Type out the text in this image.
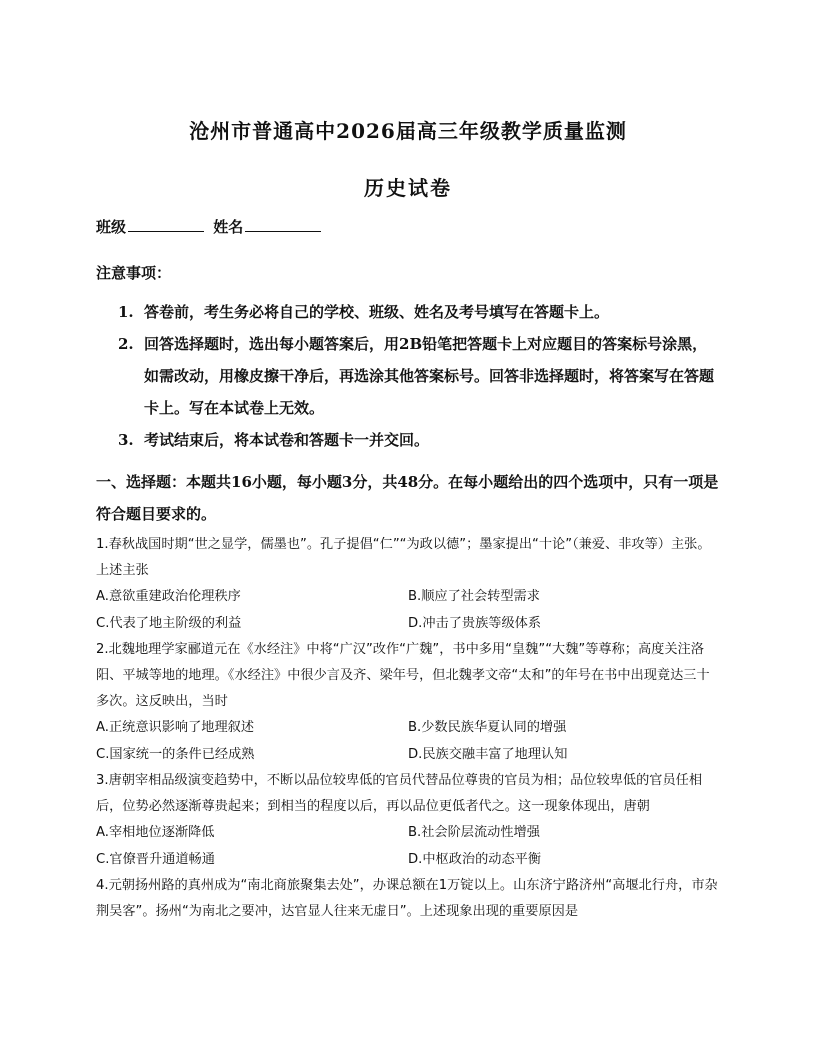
沧州市普通高中2026届高三年级教学质量监测
历史试卷
班级	姓名
注意事项：
1. 答卷前，考生务必将自己的学校、班级、姓名及考号填写在答题卡上。
2. 回答选择题时，选出每小题答案后，用2B铅笔把答题卡上对应题目的答案标号涂黑，如需改动，用橡皮擦干净后，再选涂其他答案标号。回答非选择题时，将答案写在答题卡上。写在本试卷上无效。
3. 考试结束后，将本试卷和答题卡一并交回。
一、选择题：本题共16小题，每小题3分，共48分。在每小题给出的四个选项中，只有一项是符合题目要求的。
1.春秋战国时期“世之显学，儒墨也”。孔子提倡“仁”“为政以德”；墨家提出“十论”（兼爱、非攻等）主张。上述主张
A.意欲重建政治伦理秩序	B.顺应了社会转型需求
C.代表了地主阶级的利益	D.冲击了贵族等级体系
2.北魏地理学家郦道元在《水经注》中将“广汉”改作“广魏”，书中多用“皇魏”“大魏”等尊称；高度关注洛阳、平城等地的地理。《水经注》中很少言及齐、梁年号，但北魏孝文帝“太和”的年号在书中出现竟达三十多次。这反映出，当时
A.正统意识影响了地理叙述	B.少数民族华夏认同的增强
C.国家统一的条件已经成熟	D.民族交融丰富了地理认知
3.唐朝宰相品级演变趋势中，不断以品位较卑低的官员代替品位尊贵的官员为相；品位较卑低的官员任相后，位势必然逐渐尊贵起来；到相当的程度以后，再以品位更低者代之。这一现象体现出，唐朝
A.宰相地位逐渐降低	B.社会阶层流动性增强
C.官僚晋升通道畅通	D.中枢政治的动态平衡
4.元朝扬州路的真州成为“南北商旅聚集去处”，办课总额在1万锭以上。山东济宁路济州“高堰北行舟，市杂荆吴客”。扬州“为南北之要冲，达官显人往来无虚日”。上述现象出现的重要原因是
